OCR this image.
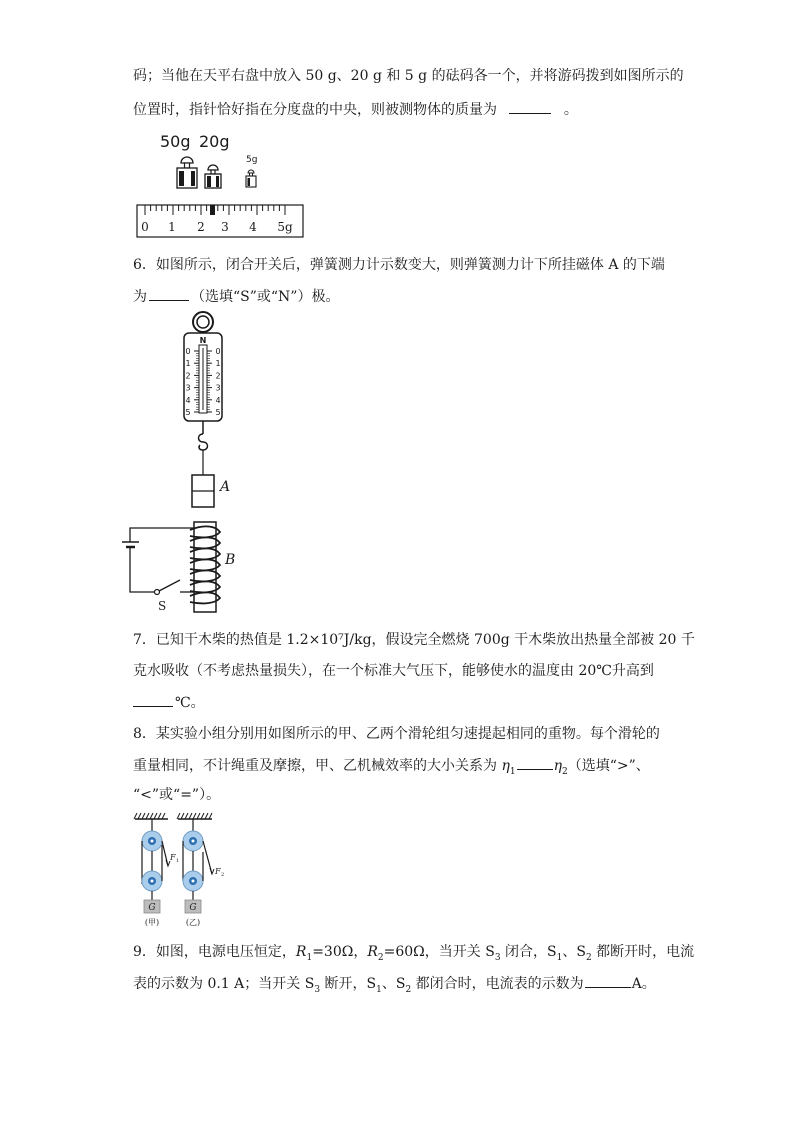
码；当他在天平右盘中放入 50 g、20 g 和 5 g 的砝码各一个，并将游码拨到如图所示的
位置时，指针恰好指在分度盘的中央，则被测物体的质量为	。
50g 20g
5g
0 1 2 3 4 5g
6．如图所示，闭合开关后，弹簧测力计示数变大，则弹簧测力计下所挂磁体 A 的下端
为	（选填“S”或“N”）极。
N
0	0
1	1
2	2
3	3
4	4
5	5
A
B
S
7．已知干木柴的热值是 1.2×10⁷J/kg，假设完全燃烧 700g 干木柴放出热量全部被 20 千
克水吸收（不考虑热量损失），在一个标准大气压下，能够使水的温度由 20℃升高到
℃。
8．某实验小组分别用如图所示的甲、乙两个滑轮组匀速提起相同的重物。每个滑轮的
重量相同，不计绳重及摩擦，甲、乙机械效率的大小关系为 $\eta_1$	$\eta_2$（选填“>”、
“<”或“=”）。
F 1
G
(甲)
F 2
G
(乙)
9．如图，电源电压恒定，$R_1=30\Omega$，$R_2=60\Omega$，当开关 $S_3$ 闭合，$S_1$、$S_2$ 都断开时，电流
表的示数为 0.1 A；当开关 $S_3$ 断开，$S_1$、$S_2$ 都闭合时，电流表的示数为	A。
